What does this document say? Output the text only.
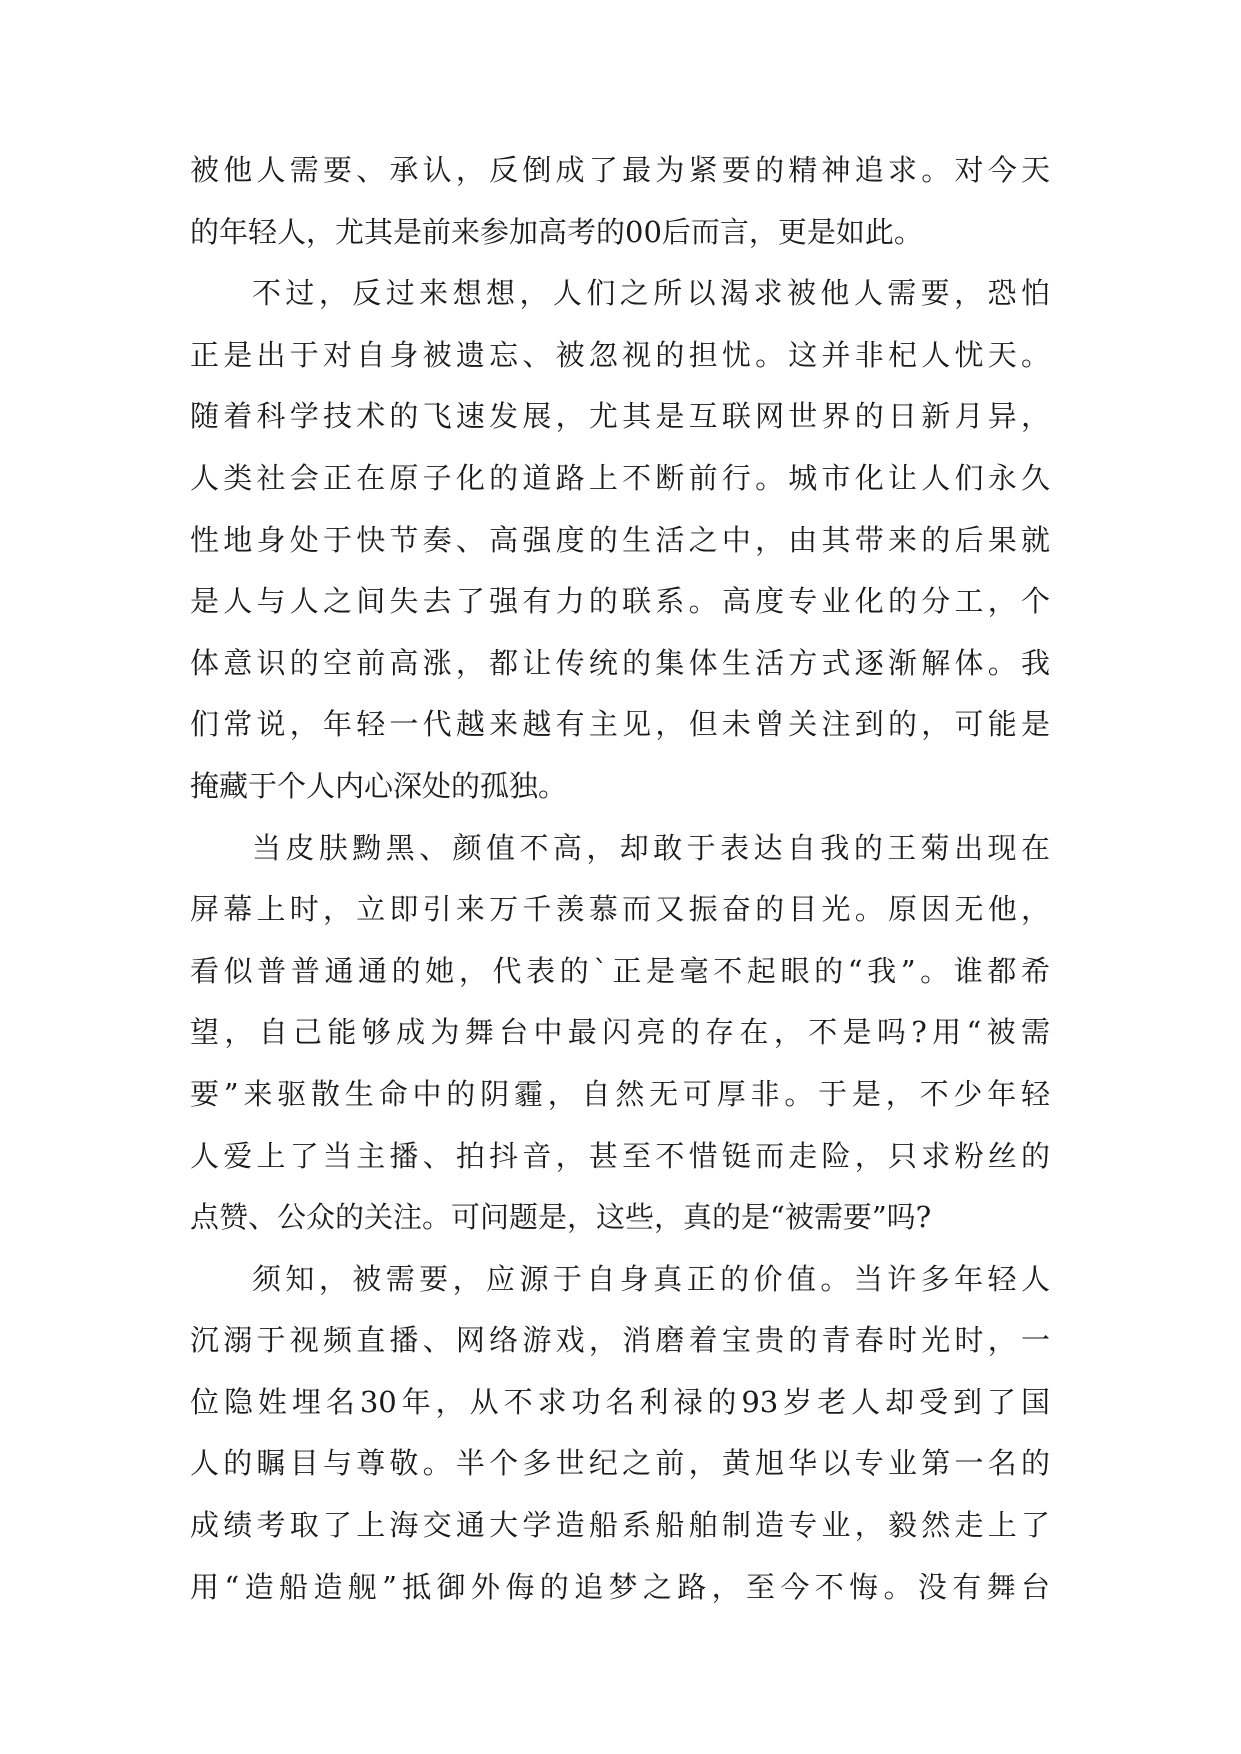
被他人需要、承认，反倒成了最为紧要的精神追求。对今天
的年轻人，尤其是前来参加高考的00后而言，更是如此。
不过，反过来想想，人们之所以渴求被他人需要，恐怕
正是出于对自身被遗忘、被忽视的担忧。这并非杞人忧天。
随着科学技术的飞速发展，尤其是互联网世界的日新月异，
人类社会正在原子化的道路上不断前行。城市化让人们永久
性地身处于快节奏、高强度的生活之中，由其带来的后果就
是人与人之间失去了强有力的联系。高度专业化的分工，个
体意识的空前高涨，都让传统的集体生活方式逐渐解体。我
们常说，年轻一代越来越有主见，但未曾关注到的，可能是
掩藏于个人内心深处的孤独。
当皮肤黝黑、颜值不高，却敢于表达自我的王菊出现在
屏幕上时，立即引来万千羡慕而又振奋的目光。原因无他，
看似普普通通的她，代表的`正是毫不起眼的“我”。谁都希
望，自己能够成为舞台中最闪亮的存在，不是吗?用“被需
要”来驱散生命中的阴霾，自然无可厚非。于是，不少年轻
人爱上了当主播、拍抖音，甚至不惜铤而走险，只求粉丝的
点赞、公众的关注。可问题是，这些，真的是“被需要”吗?
须知，被需要，应源于自身真正的价值。当许多年轻人
沉溺于视频直播、网络游戏，消磨着宝贵的青春时光时，一
位隐姓埋名30年，从不求功名利禄的93岁老人却受到了国
人的瞩目与尊敬。半个多世纪之前，黄旭华以专业第一名的
成绩考取了上海交通大学造船系船舶制造专业，毅然走上了
用“造船造舰”抵御外侮的追梦之路，至今不悔。没有舞台
